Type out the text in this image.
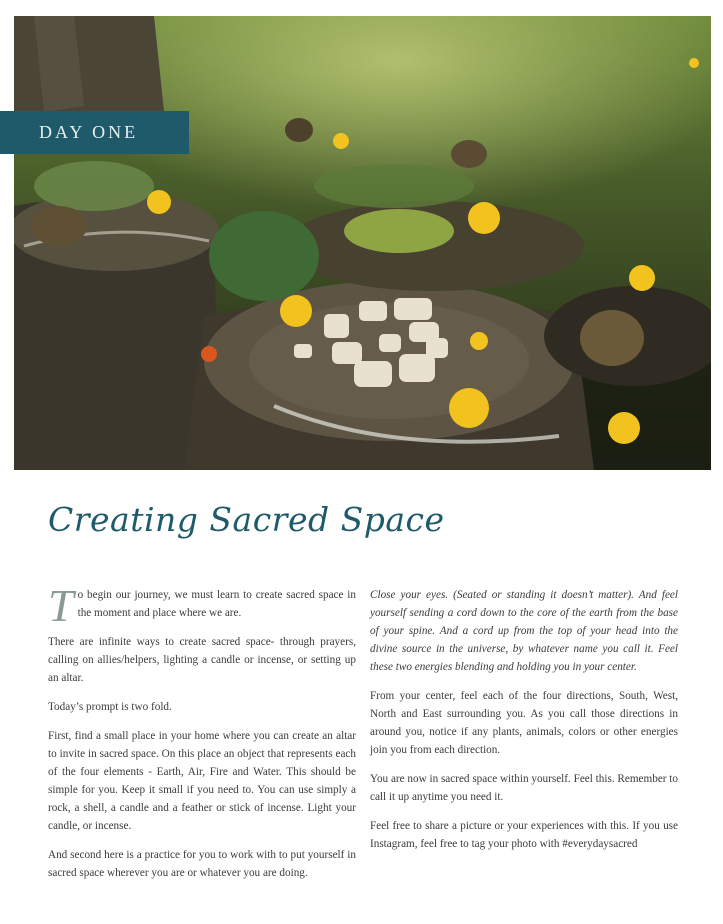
DAY ONE
Creating Sacred Space

To begin our journey, we must learn to create sacred space in the moment and place where we are.

There are infinite ways to create sacred space- through prayers, calling on allies/helpers, lighting a candle or incense, or setting up an altar.

Today’s prompt is two fold.

First, find a small place in your home where you can create an altar to invite in sacred space. On this place an object that represents each of the four elements - Earth, Air, Fire and Water. This should be simple for you. Keep it small if you need to. You can use simply a rock, a shell, a candle and a feather or stick of incense. Light your candle, or incense.

And second here is a practice for you to work with to put yourself in sacred space wherever you are or whatever you are doing.

Close your eyes. (Seated or standing it doesn’t matter). And feel yourself sending a cord down to the core of the earth from the base of your spine. And a cord up from the top of your head into the divine source in the universe, by whatever name you call it. Feel these two energies blending and holding you in your center.

From your center, feel each of the four directions, South, West, North and East surrounding you. As you call those directions in around you, notice if any plants, animals, colors or other energies join you from each direction.

You are now in sacred space within yourself. Feel this. Remember to call it up anytime you need it.

Feel free to share a picture or your experiences with this. If you use Instagram, feel free to tag your photo with #everydaysacred
